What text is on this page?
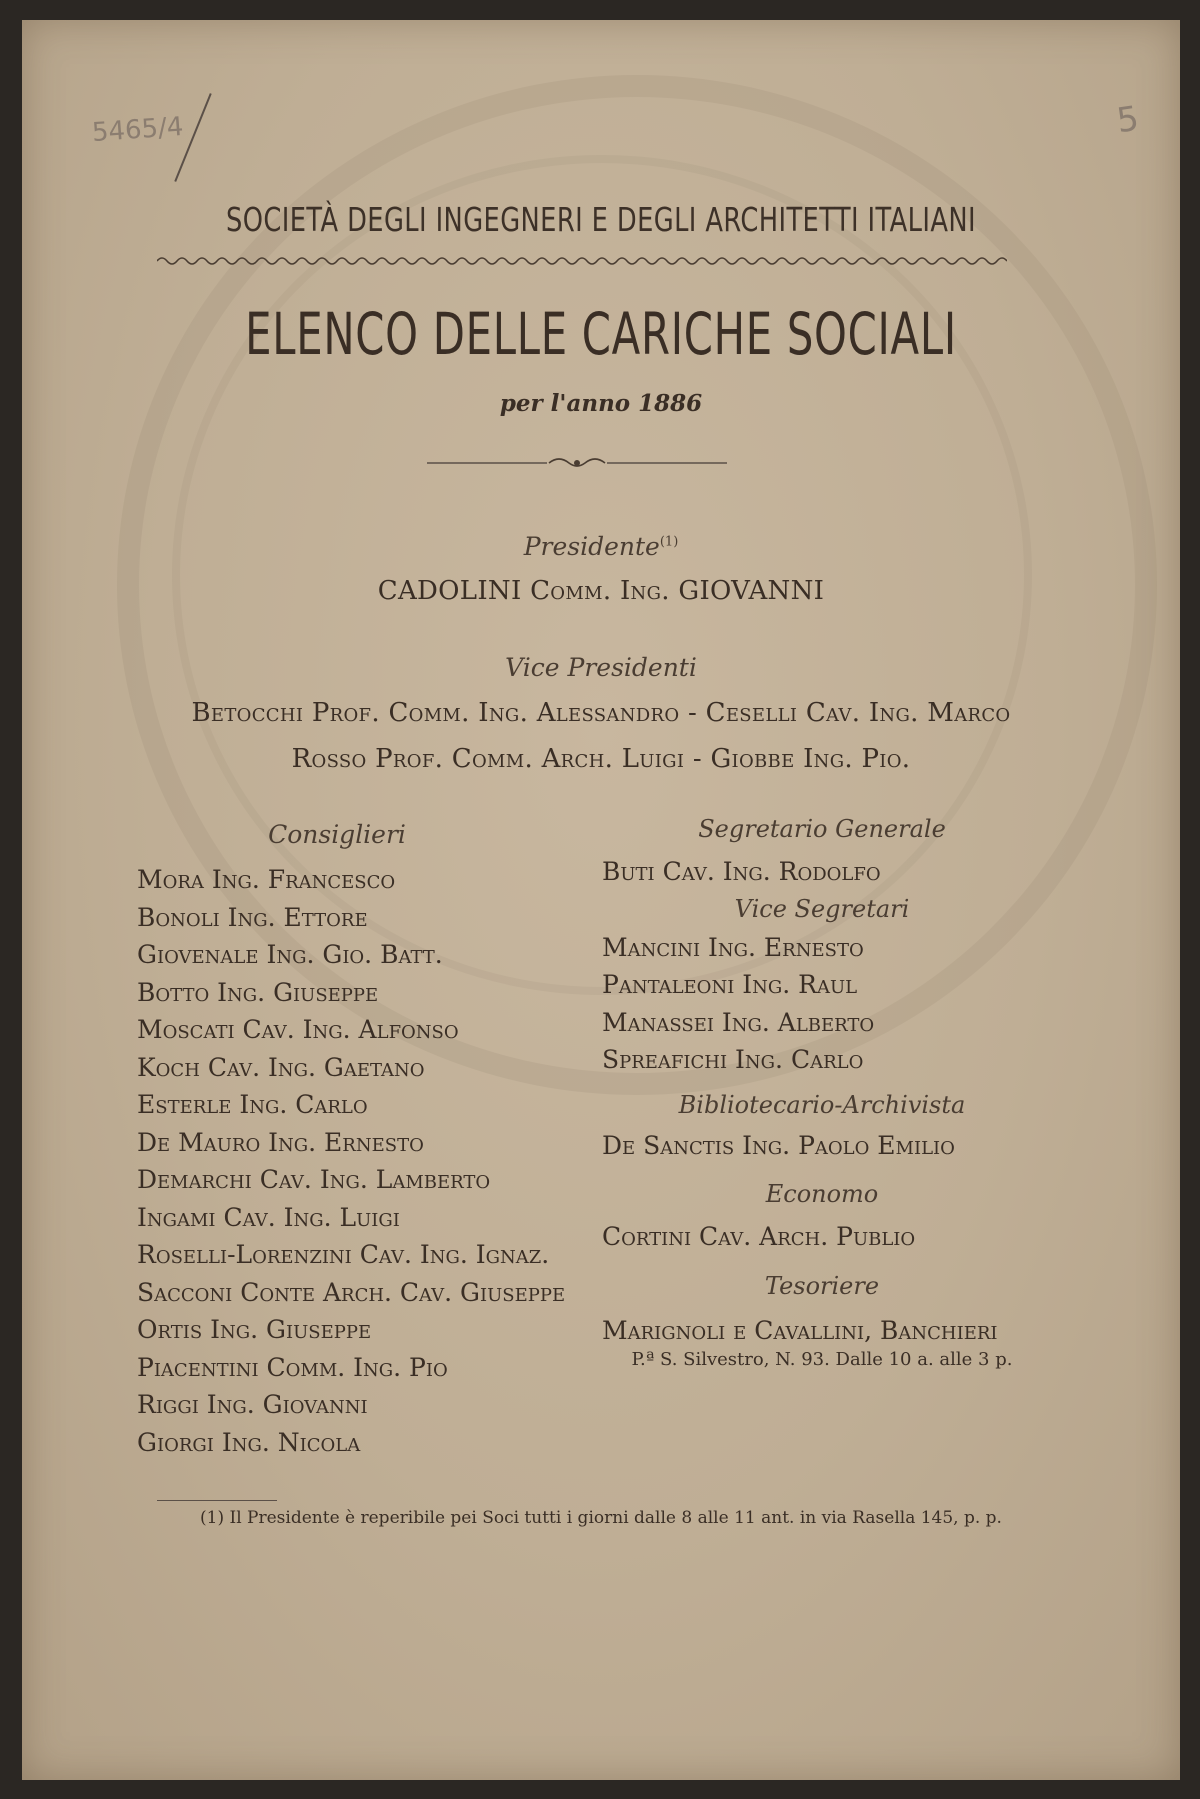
5465/4	5
SOCIETÀ DEGLI INGEGNERI E DEGLI ARCHITETTI ITALIANI
ELENCO DELLE CARICHE SOCIALI
per l'anno 1886
Presidente$^{(1)}$
CADOLINI Comm. Ing. GIOVANNI
Vice Presidenti
Betocchi Prof. Comm. Ing. Alessandro - Ceselli Cav. Ing. Marco
Rosso Prof. Comm. Arch. Luigi - Giobbe Ing. Pio.
Consiglieri
Mora Ing. Francesco
Bonoli Ing. Ettore
Giovenale Ing. Gio. Batt.
Botto Ing. Giuseppe
Moscati Cav. Ing. Alfonso
Koch Cav. Ing. Gaetano
Esterle Ing. Carlo
De Mauro Ing. Ernesto
Demarchi Cav. Ing. Lamberto
Ingami Cav. Ing. Luigi
Roselli-Lorenzini Cav. Ing. Ignaz.
Sacconi Conte Arch. Cav. Giuseppe
Ortis Ing. Giuseppe
Piacentini Comm. Ing. Pio
Riggi Ing. Giovanni
Giorgi Ing. Nicola
Segretario Generale
Buti Cav. Ing. Rodolfo
Vice Segretari
Mancini Ing. Ernesto
Pantaleoni Ing. Raul
Manassei Ing. Alberto
Spreafichi Ing. Carlo
Bibliotecario-Archivista
De Sanctis Ing. Paolo Emilio
Economo
Cortini Cav. Arch. Publio
Tesoriere
Marignoli e Cavallini, Banchieri
P.ª S. Silvestro, N. 93. Dalle 10 a. alle 3 p.
(1) Il Presidente è reperibile pei Soci tutti i giorni dalle 8 alle 11 ant. in via Rasella 145, p. p.
